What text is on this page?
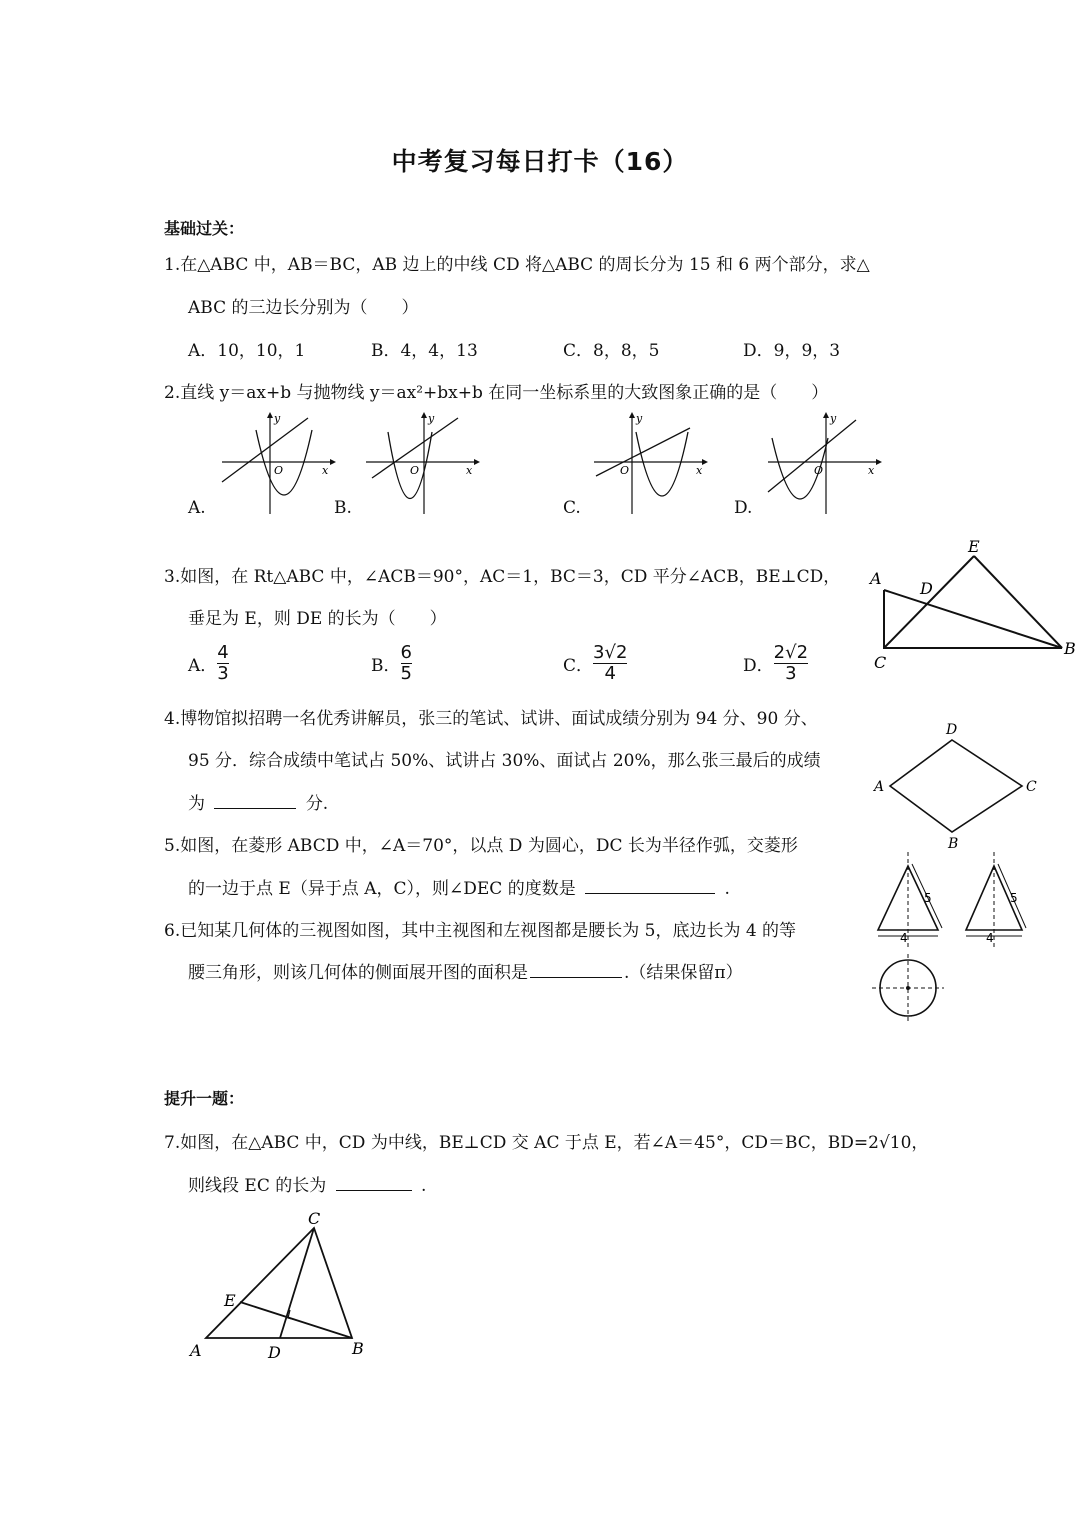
中考复习每日打卡（16）
基础过关：
1.在△ABC 中，AB＝BC，AB 边上的中线 CD 将△ABC 的周长分为 15 和 6 两个部分，求△
ABC 的三边长分别为（　　）
A．10，10，1	B．4，4，13	C．8，8，5	D．9，9，3
2.直线 y＝ax+b 与抛物线 y＝ax²+bx+b 在同一坐标系里的大致图象正确的是（　　）
A.	B.	C.	D.
y
x
O
y
x
O
y
x
O
y
x
O
3.如图，在 Rt△ABC 中，∠ACB＝90°，AC＝1，BC＝3，CD 平分∠ACB，BE⊥CD，
垂足为 E，则 DE 的长为（　　）
A． $\frac{4}{3}$	B． $\frac{6}{5}$	C． $\frac{3√2}{4}$	D． $\frac{2√2}{3}$
A
E
D
C
B
4.博物馆拟招聘一名优秀讲解员，张三的笔试、试讲、面试成绩分别为 94 分、90 分、
95 分．综合成绩中笔试占 50%、试讲占 30%、面试占 20%，那么张三最后的成绩
为	分.
D
C
B
A
5.如图，在菱形 ABCD 中，∠A＝70°，以点 D 为圆心，DC 长为半径作弧，交菱形
的一边于点 E（异于点 A，C），则∠DEC 的度数是	.
6.已知某几何体的三视图如图，其中主视图和左视图都是腰长为 5，底边长为 4 的等
腰三角形，则该几何体的侧面展开图的面积是	.（结果保留π）
5
4
5
4
提升一题：
7.如图，在△ABC 中，CD 为中线，BE⊥CD 交 AC 于点 E，若∠A＝45°，CD＝BC，BD=2√10，
则线段 EC 的长为	.
C
E
A	D	B
